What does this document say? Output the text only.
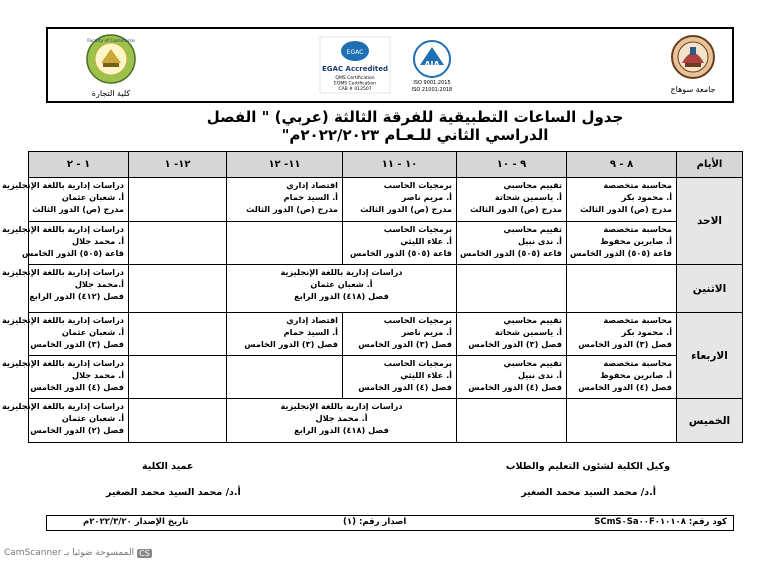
جامعة سوهاج
EGAC
EGAC Accredited
QMS Certification
EOMS Certification
CAB # 012507
AJA
ISO 9001:2015
ISO 21001:2018
Faculty of Commerce
كلية التجارة
جدول الساعات التطبيقية للفرقة الثالثة (عربي) " الفصل الدراسي الثاني للـعـام ٢٠٢٢/٢٠٢٣م"
الأيام	٨ - ٩	٩ - ١٠	١٠ - ١١	١١- ١٢	١٢- ١	١ - ٢
الاحد	محاسبة متخصصة
أ. محمود بكر
مدرج (ص) الدور الثالث	تقييم محاسبي
أ. ياسمين شحاتة
مدرج (ص) الدور الثالث	برمجيات الحاسب
أ. مريم ناصر
مدرج (ص) الدور الثالث	اقتصاد إداري
أ. السيد حمام
مدرج (ص) الدور الثالث		دراسات إدارية باللغة الإنجليزية
أ. شعبان عثمان
مدرج (ص) الدور الثالث

	محاسبة متخصصة
أ. صابرين محفوظ
قاعة (٥٠٥) الدور الخامس	تقييم محاسبي
أ. ندى نبيل
قاعة (٥٠٥) الدور الخامس	برمجيات الحاسب
أ. علاء الليثي
قاعة (٥٠٥) الدور الخامس			دراسات إدارية باللغة الإنجليزية
أ. محمد جلال
قاعة (٥٠٥) الدور الخامس

الاثنين			دراسات إدارية باللغة الإنجليزية
أ. شعبان عثمان
فصل (٤١٨) الدور الرابع			دراسات إدارية باللغة الإنجليزية
أ.محمد جلال
فصل (٤١٢) الدور الرابع

الاربعاء	محاسبة متخصصة
أ. محمود بكر
فصل (٣) الدور الخامس	تقييم محاسبي
أ. ياسمين شحاتة
فصل (٣) الدور الخامس	برمجيات الحاسب
أ. مريم ناصر
فصل (٣) الدور الخامس	اقتصاد إداري
أ. السيد حمام
فصل (٣) الدور الخامس		دراسات إدارية باللغة الإنجليزية
أ. شعبان عثمان
فصل (٣) الدور الخامس

	محاسبة متخصصة
أ. صابرين محفوظ
فصل (٤) الدور الخامس	تقييم محاسبي
أ. ندى نبيل
فصل (٤) الدور الخامس	برمجيات الحاسب
أ. علاء الليثي
فصل (٤) الدور الخامس			دراسات إدارية باللغة الإنجليزية
أ. محمد جلال
فصل (٤) الدور الخامس

الخميس			دراسات إدارية باللغة الإنجليزية
أ. محمد جلال
فصل (٤١٨) الدور الرابع			دراسات إدارية باللغة الإنجليزية
أ. شعبان عثمان
فصل (٢) الدور الخامس
وكيل الكلية لشئون التعليم والطلاب
أ.د/ محمد السيد محمد الصغير
عميد الكلية
أ.د/ محمد السيد محمد الصغير
كود رقم: SCmS٠Sa٠٠F٠١٠١٠٨
اصدار رقم: (١)
تاريخ الإصدار ٢٠٢٢/٣/٢٠م
CS
الممسوحة ضوئيا بـ CamScanner
